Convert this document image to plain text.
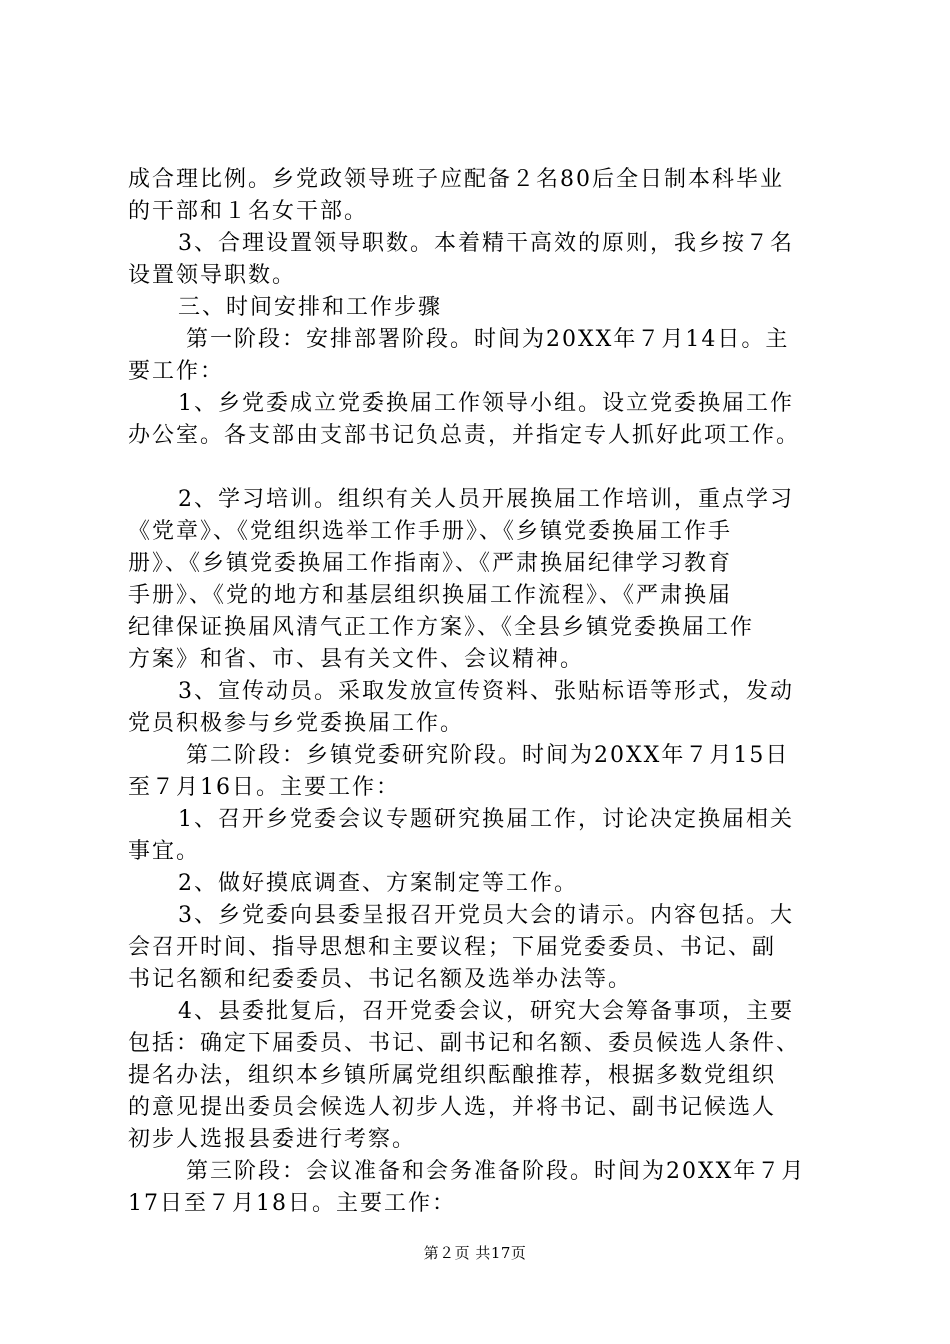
成合理比例。乡党政领导班子应配备２名80后全日制本科毕业

的干部和１名女干部。

3、合理设置领导职数。本着精干高效的原则，我乡按７名

设置领导职数。

三、时间安排和工作步骤

第一阶段：安排部署阶段。时间为20XX年７月14日。主

要工作：

1、乡党委成立党委换届工作领导小组。设立党委换届工作

办公室。各支部由支部书记负总责，并指定专人抓好此项工作。

2、学习培训。组织有关人员开展换届工作培训，重点学习

《党章》、《党组织选举工作手册》、《乡镇党委换届工作手

册》、《乡镇党委换届工作指南》、《严肃换届纪律学习教育

手册》、《党的地方和基层组织换届工作流程》、《严肃换届

纪律保证换届风清气正工作方案》、《全县乡镇党委换届工作

方案》和省、市、县有关文件、会议精神。

3、宣传动员。采取发放宣传资料、张贴标语等形式，发动

党员积极参与乡党委换届工作。

第二阶段：乡镇党委研究阶段。时间为20XX年７月15日

至７月16日。主要工作：

1、召开乡党委会议专题研究换届工作，讨论决定换届相关

事宜。

2、做好摸底调查、方案制定等工作。

3、乡党委向县委呈报召开党员大会的请示。内容包括。大

会召开时间、指导思想和主要议程；下届党委委员、书记、副

书记名额和纪委委员、书记名额及选举办法等。

4、县委批复后，召开党委会议，研究大会筹备事项，主要

包括：确定下届委员、书记、副书记和名额、委员候选人条件、

提名办法，组织本乡镇所属党组织酝酿推荐，根据多数党组织

的意见提出委员会候选人初步人选，并将书记、副书记候选人

初步人选报县委进行考察。

第三阶段：会议准备和会务准备阶段。时间为20XX年７月

17日至７月18日。主要工作：

第２页 共17页
